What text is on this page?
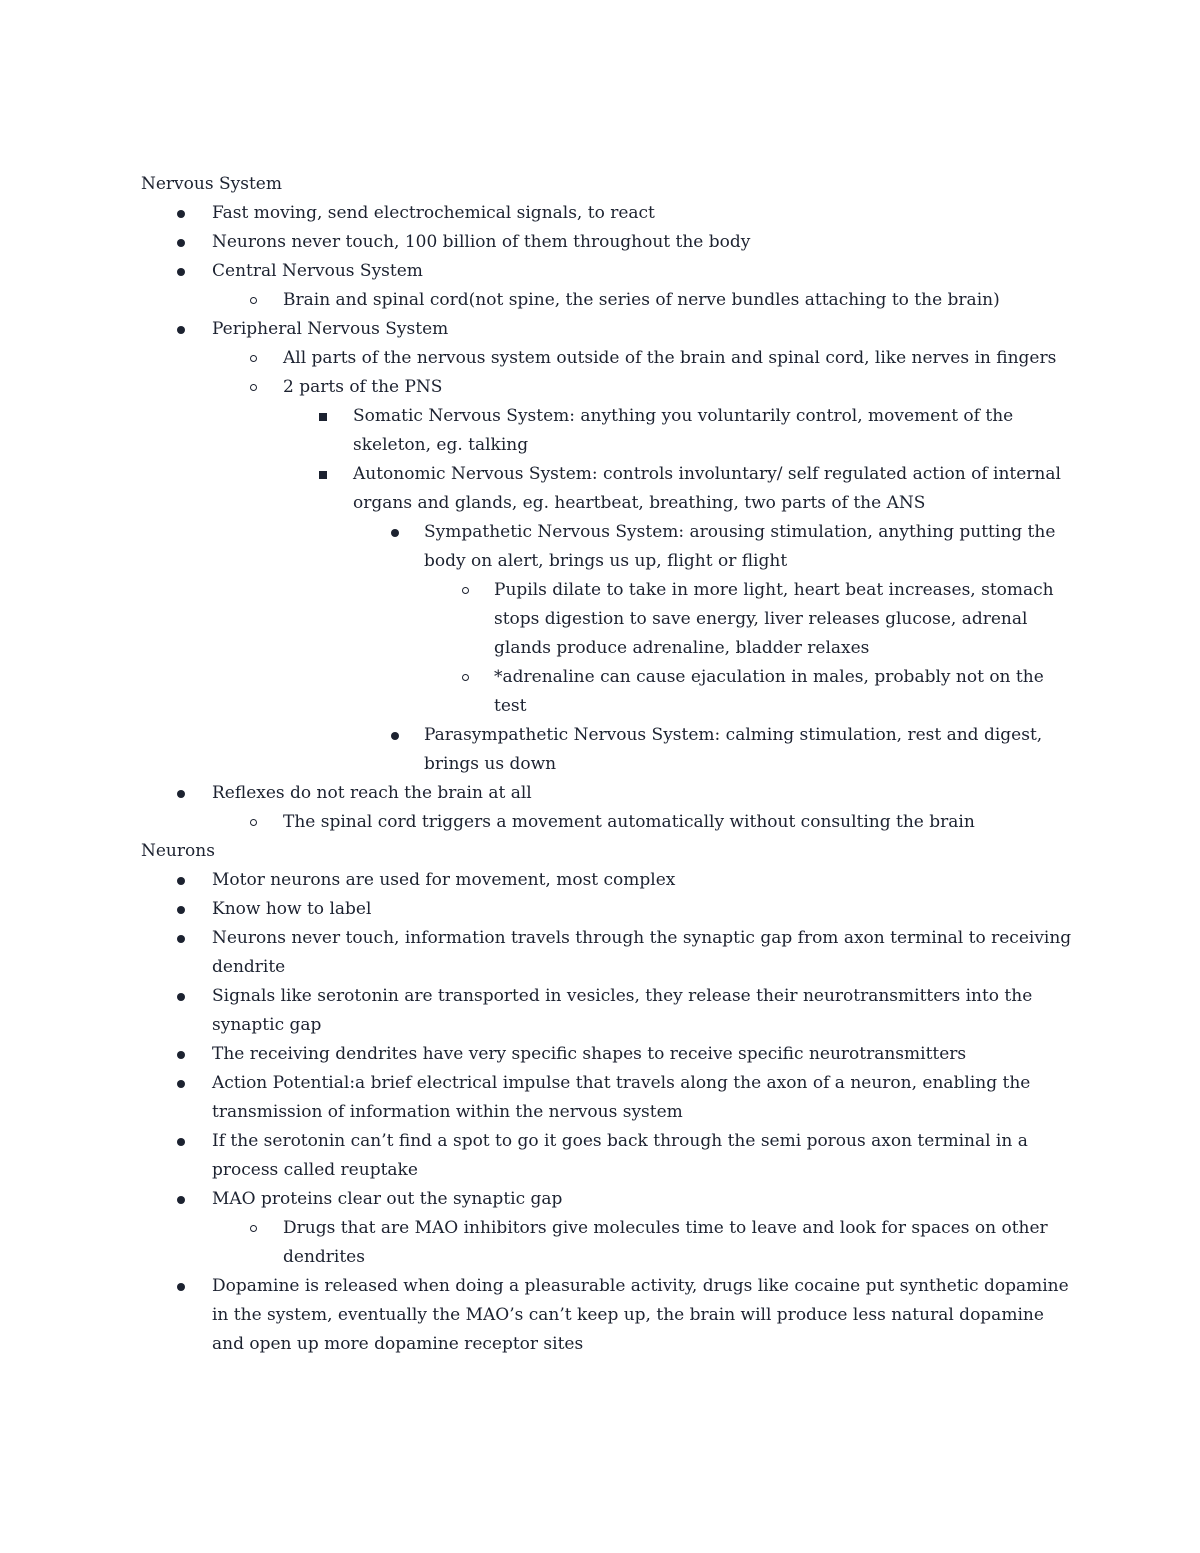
Nervous System
Fast moving, send electrochemical signals, to react
Neurons never touch, 100 billion of them throughout the body
Central Nervous System
Brain and spinal cord(not spine, the series of nerve bundles attaching to the brain)
Peripheral Nervous System
All parts of the nervous system outside of the brain and spinal cord, like nerves in fingers
2 parts of the PNS
Somatic Nervous System: anything you voluntarily control, movement of the skeleton, eg. talking
Autonomic Nervous System: controls involuntary/ self regulated action of internal organs and glands, eg. heartbeat, breathing, two parts of the ANS
Sympathetic Nervous System: arousing stimulation, anything putting the body on alert, brings us up, flight or flight
Pupils dilate to take in more light, heart beat increases, stomach stops digestion to save energy, liver releases glucose, adrenal glands produce adrenaline, bladder relaxes
*adrenaline can cause ejaculation in males, probably not on the test
Parasympathetic Nervous System: calming stimulation, rest and digest, brings us down
Reflexes do not reach the brain at all
The spinal cord triggers a movement automatically without consulting the brain
Neurons
Motor neurons are used for movement, most complex
Know how to label
Neurons never touch, information travels through the synaptic gap from axon terminal to receiving dendrite
Signals like serotonin are transported in vesicles, they release their neurotransmitters into the synaptic gap
The receiving dendrites have very specific shapes to receive specific neurotransmitters
Action Potential:a brief electrical impulse that travels along the axon of a neuron, enabling the transmission of information within the nervous system
If the serotonin can’t find a spot to go it goes back through the semi porous axon terminal in a process called reuptake
MAO proteins clear out the synaptic gap
Drugs that are MAO inhibitors give molecules time to leave and look for spaces on other dendrites
Dopamine is released when doing a pleasurable activity, drugs like cocaine put synthetic dopamine in the system, eventually the MAO’s can’t keep up, the brain will produce less natural dopamine and open up more dopamine receptor sites
